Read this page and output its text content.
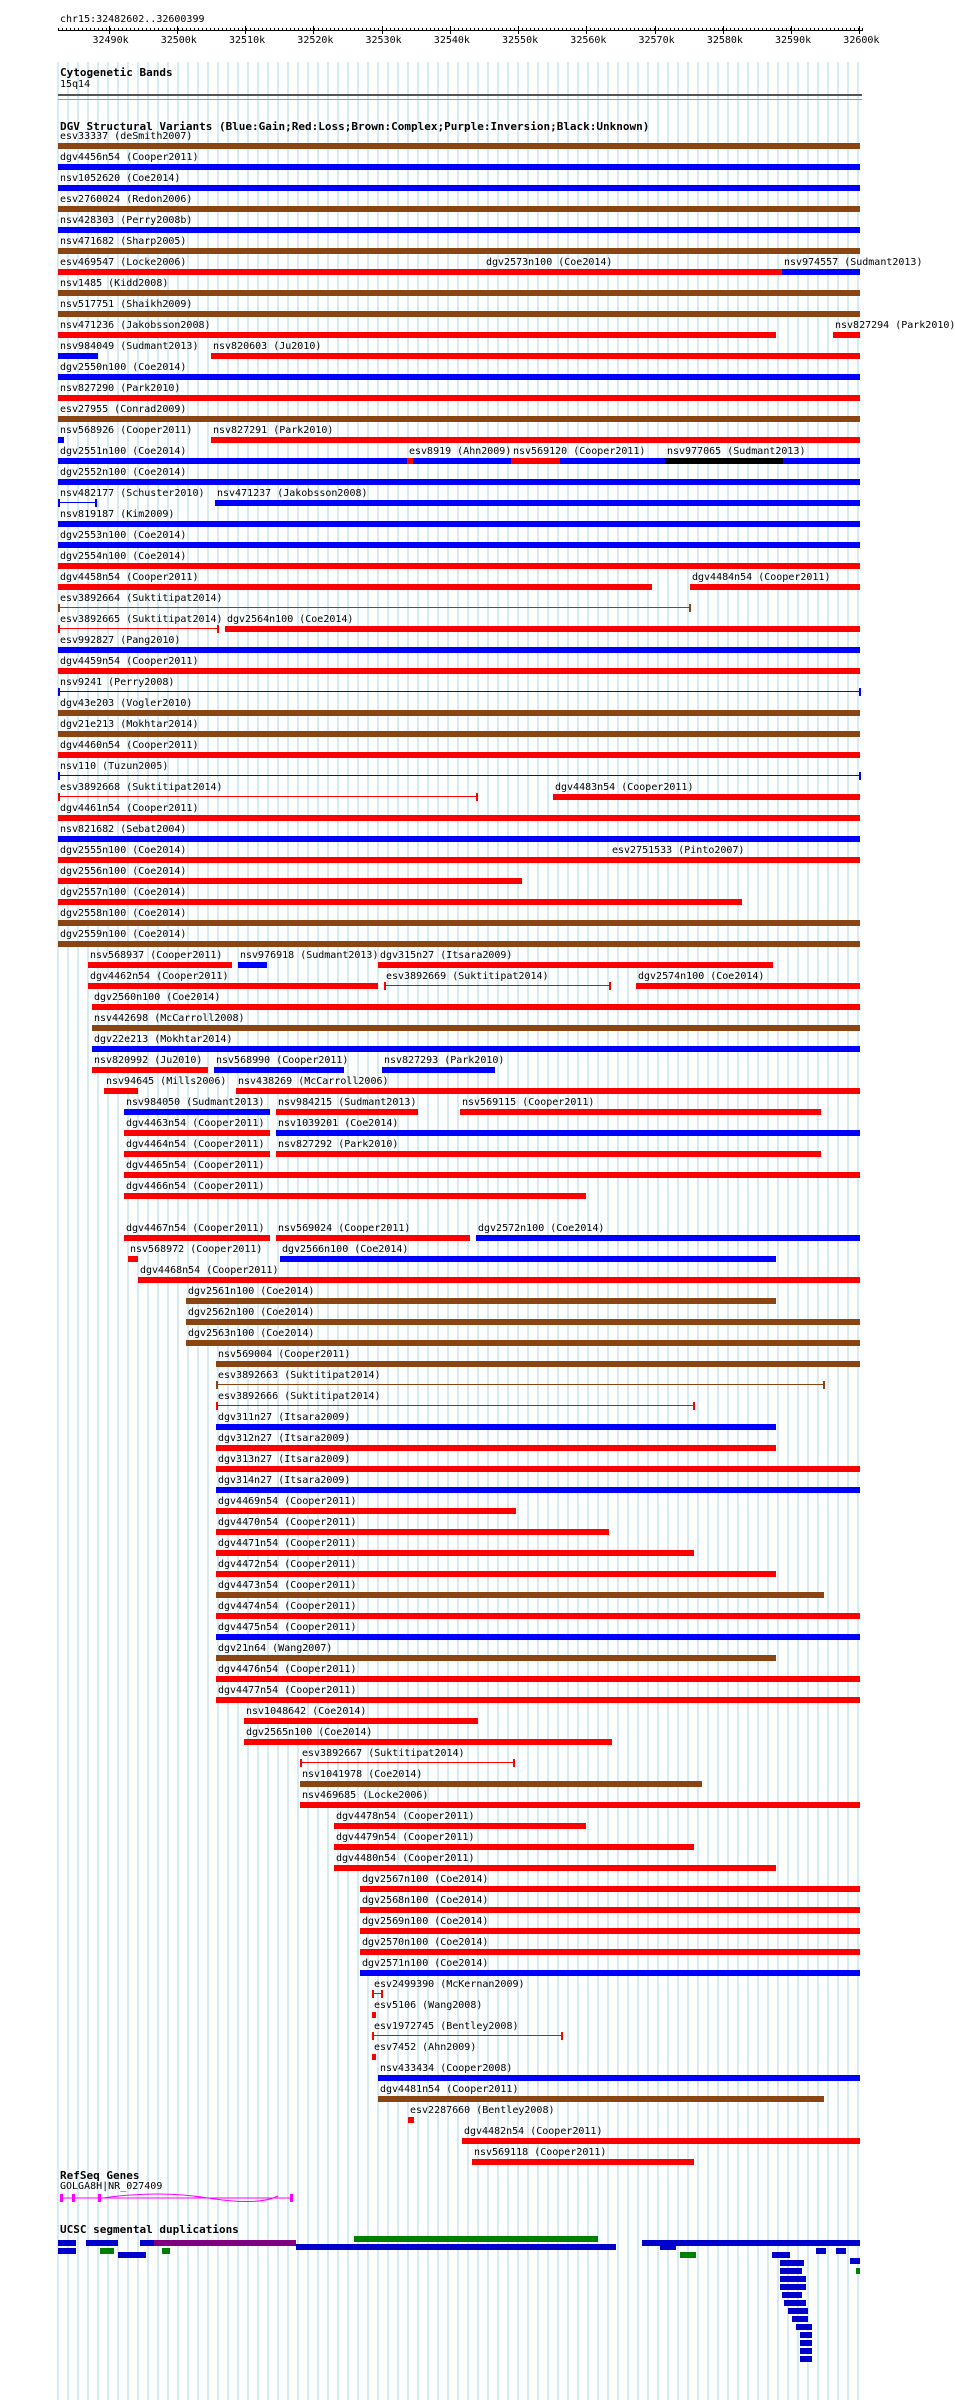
chr15:32482602..32600399
32490k	32500k	32510k	32520k	32530k	32540k	32550k	32560k	32570k	32580k	32590k	32600k
Cytogenetic Bands
15q14
DGV Structural Variants (Blue:Gain;Red:Loss;Brown:Complex;Purple:Inversion;Black:Unknown)
esv33337 (deSmith2007)
dgv4456n54 (Cooper2011)
nsv1052620 (Coe2014)
esv2760024 (Redon2006)
nsv428303 (Perry2008b)
nsv471682 (Sharp2005)
esv469547 (Locke2006)	dgv2573n100 (Coe2014)	nsv974557 (Sudmant2013)
nsv1485 (Kidd2008)
nsv517751 (Shaikh2009)
nsv471236 (Jakobsson2008)	nsv827294 (Park2010)
nsv984049 (Sudmant2013) nsv820603 (Ju2010)
dgv2550n100 (Coe2014)
nsv827290 (Park2010)
esv27955 (Conrad2009)
nsv568926 (Cooper2011) nsv827291 (Park2010)
dgv2551n100 (Coe2014)	esv8919 (Ahn2009) nsv569120 (Cooper2011) nsv977065 (Sudmant2013)
dgv2552n100 (Coe2014)
nsv482177 (Schuster2010) nsv471237 (Jakobsson2008)
nsv819187 (Kim2009)
dgv2553n100 (Coe2014)
dgv2554n100 (Coe2014)
dgv4458n54 (Cooper2011)	dgv4484n54 (Cooper2011)
esv3892664 (Suktitipat2014)
esv3892665 (Suktitipat2014) dgv2564n100 (Coe2014)
esv992827 (Pang2010)
dgv4459n54 (Cooper2011)
nsv9241 (Perry2008)
dgv43e203 (Vogler2010)
dgv21e213 (Mokhtar2014)
dgv4460n54 (Cooper2011)
nsv110 (Tuzun2005)
esv3892668 (Suktitipat2014)	dgv4483n54 (Cooper2011)
dgv4461n54 (Cooper2011)
nsv821682 (Sebat2004)
dgv2555n100 (Coe2014)
dgv2556n100 (Coe2014)
esv2751533 (Pinto2007)
dgv2557n100 (Coe2014)
dgv2558n100 (Coe2014)
dgv2559n100 (Coe2014)
nsv568937 (Cooper2011) nsv976918 (Sudmant2013) dgv315n27 (Itsara2009)
dgv4462n54 (Cooper2011)	esv3892669 (Suktitipat2014)	dgv2574n100 (Coe2014)
dgv2560n100 (Coe2014)
nsv442698 (McCarroll2008)
dgv22e213 (Mokhtar2014)
nsv820992 (Ju2010) nsv568990 (Cooper2011)	nsv827293 (Park2010)
nsv94645 (Mills2006) nsv438269 (McCarroll2006)
nsv984050 (Sudmant2013) nsv984215 (Sudmant2013)	nsv569115 (Cooper2011)
dgv4463n54 (Cooper2011) nsv1039201 (Coe2014)
dgv4464n54 (Cooper2011) nsv827292 (Park2010)
dgv4465n54 (Cooper2011)
dgv4466n54 (Cooper2011)
dgv4467n54 (Cooper2011) nsv569024 (Cooper2011)	dgv2572n100 (Coe2014)
nsv568972 (Cooper2011) dgv2566n100 (Coe2014)
dgv4468n54 (Cooper2011)
dgv2561n100 (Coe2014)
dgv2562n100 (Coe2014)
dgv2563n100 (Coe2014)
nsv569004 (Cooper2011)
esv3892663 (Suktitipat2014)
esv3892666 (Suktitipat2014)
dgv311n27 (Itsara2009)
dgv312n27 (Itsara2009)
dgv313n27 (Itsara2009)
dgv314n27 (Itsara2009)
dgv4469n54 (Cooper2011)
dgv4470n54 (Cooper2011)
dgv4471n54 (Cooper2011)
dgv4472n54 (Cooper2011)
dgv4473n54 (Cooper2011)
dgv4474n54 (Cooper2011)
dgv4475n54 (Cooper2011)
dgv21n64 (Wang2007)
dgv4476n54 (Cooper2011)
dgv4477n54 (Cooper2011)
nsv1048642 (Coe2014)
dgv2565n100 (Coe2014)
esv3892667 (Suktitipat2014)
nsv1041978 (Coe2014)
nsv469685 (Locke2006)
dgv4478n54 (Cooper2011)
dgv4479n54 (Cooper2011)
dgv4480n54 (Cooper2011)
dgv2567n100 (Coe2014)
dgv2568n100 (Coe2014)
dgv2569n100 (Coe2014)
dgv2570n100 (Coe2014)
dgv2571n100 (Coe2014)
esv2499390 (McKernan2009)
esv5106 (Wang2008)
esv1972745 (Bentley2008)
esv7452 (Ahn2009)
nsv433434 (Cooper2008)
dgv4481n54 (Cooper2011)
esv2287660 (Bentley2008)
dgv4482n54 (Cooper2011)
nsv569118 (Cooper2011)
RefSeq Genes
GOLGA8H|NR_027409
UCSC segmental duplications
